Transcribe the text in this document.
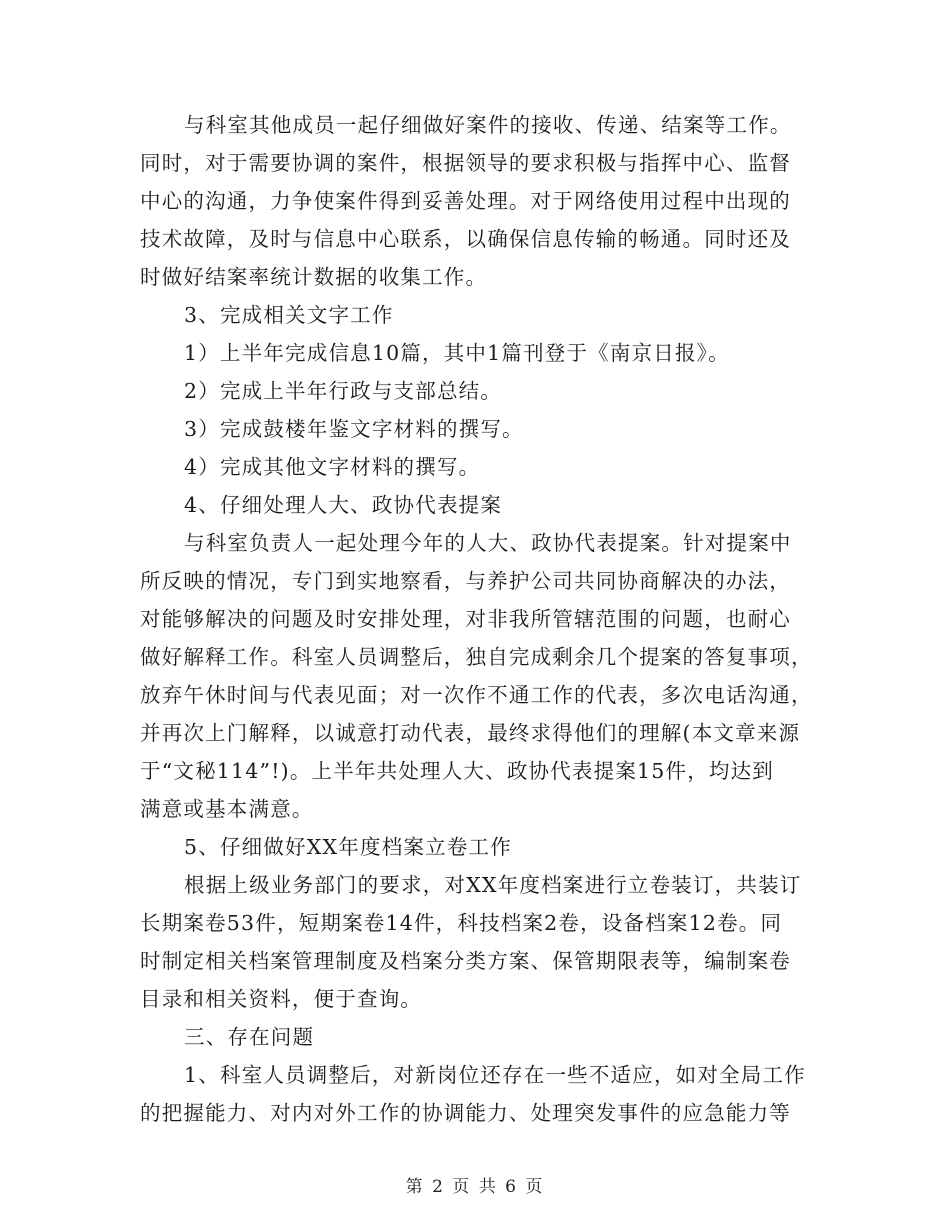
与科室其他成员一起仔细做好案件的接收、传递、结案等工作。

同时，对于需要协调的案件，根据领导的要求积极与指挥中心、监督

中心的沟通，力争使案件得到妥善处理。对于网络使用过程中出现的

技术故障，及时与信息中心联系，以确保信息传输的畅通。同时还及

时做好结案率统计数据的收集工作。

3、完成相关文字工作

1）上半年完成信息10篇，其中1篇刊登于《南京日报》。

2）完成上半年行政与支部总结。

3）完成鼓楼年鉴文字材料的撰写。

4）完成其他文字材料的撰写。

4、仔细处理人大、政协代表提案

与科室负责人一起处理今年的人大、政协代表提案。针对提案中

所反映的情况，专门到实地察看，与养护公司共同协商解决的办法，

对能够解决的问题及时安排处理，对非我所管辖范围的问题，也耐心

做好解释工作。科室人员调整后，独自完成剩余几个提案的答复事项，

放弃午休时间与代表见面；对一次作不通工作的代表，多次电话沟通，

并再次上门解释，以诚意打动代表，最终求得他们的理解(本文章来源

于“文秘114”!)。上半年共处理人大、政协代表提案15件，均达到

满意或基本满意。

5、仔细做好XX年度档案立卷工作

根据上级业务部门的要求，对XX年度档案进行立卷装订，共装订

长期案卷53件，短期案卷14件，科技档案2卷，设备档案12卷。同

时制定相关档案管理制度及档案分类方案、保管期限表等，编制案卷

目录和相关资料，便于查询。

三、存在问题

1、科室人员调整后，对新岗位还存在一些不适应，如对全局工作

的把握能力、对内对外工作的协调能力、处理突发事件的应急能力等

第 2 页 共 6 页
